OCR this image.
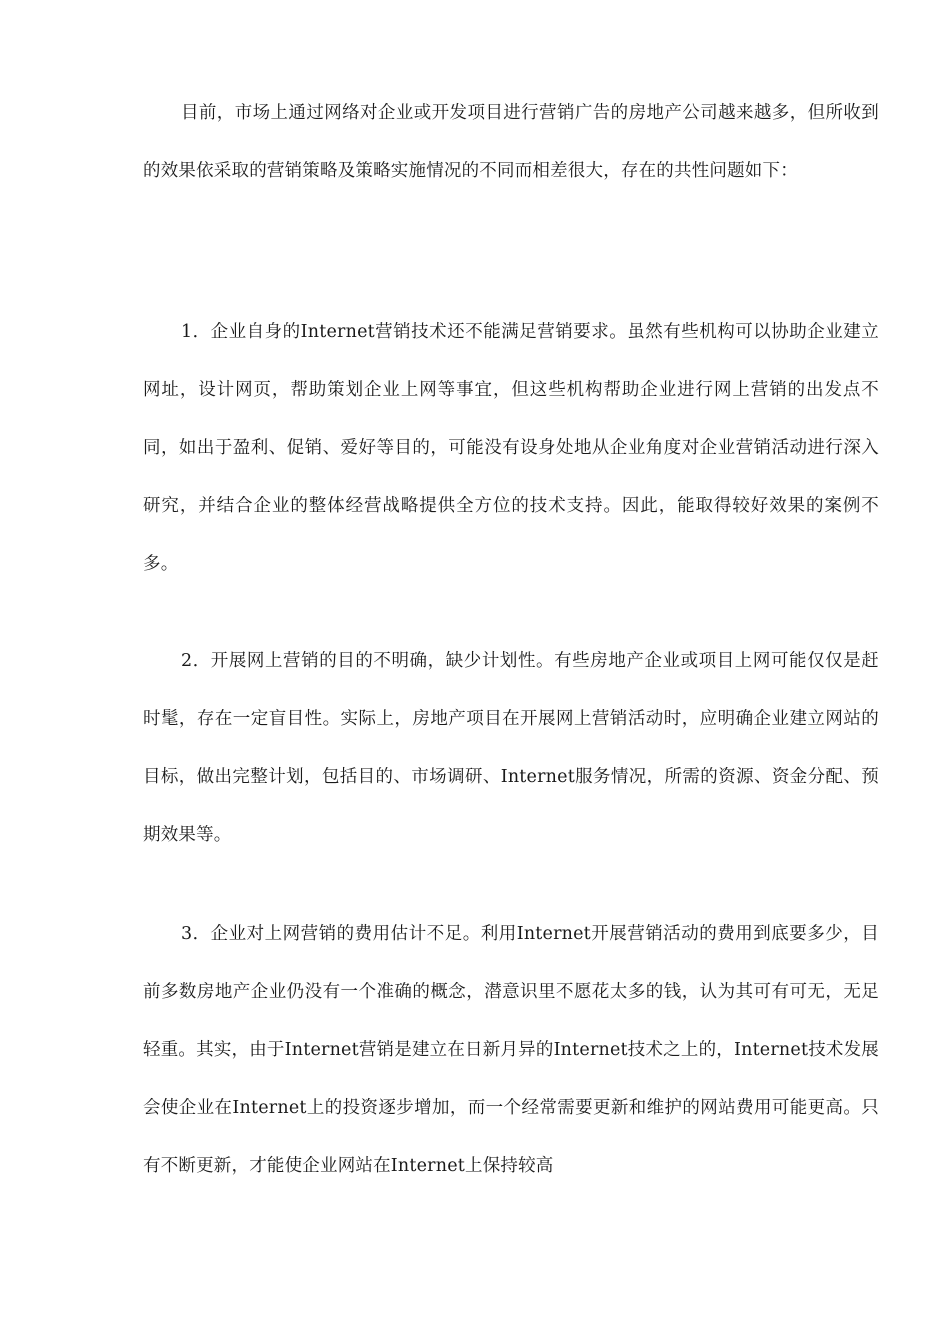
目前，市场上通过网络对企业或开发项目进行营销广告的房地产公司越来越多，但所收到的效果依采取的营销策略及策略实施情况的不同而相差很大，存在的共性问题如下：

1．企业自身的Internet营销技术还不能满足营销要求。虽然有些机构可以协助企业建立网址，设计网页，帮助策划企业上网等事宜，但这些机构帮助企业进行网上营销的出发点不同，如出于盈利、促销、爱好等目的，可能没有设身处地从企业角度对企业营销活动进行深入研究，并结合企业的整体经营战略提供全方位的技术支持。因此，能取得较好效果的案例不多。

2．开展网上营销的目的不明确，缺少计划性。有些房地产企业或项目上网可能仅仅是赶时髦，存在一定盲目性。实际上，房地产项目在开展网上营销活动时，应明确企业建立网站的目标，做出完整计划，包括目的、市场调研、Internet服务情况，所需的资源、资金分配、预期效果等。

3．企业对上网营销的费用估计不足。利用Internet开展营销活动的费用到底要多少，目前多数房地产企业仍没有一个准确的概念，潜意识里不愿花太多的钱，认为其可有可无，无足轻重。其实，由于Internet营销是建立在日新月异的Internet技术之上的，Internet技术发展会使企业在Internet上的投资逐步增加，而一个经常需要更新和维护的网站费用可能更高。只有不断更新，才能使企业网站在Internet上保持较高
